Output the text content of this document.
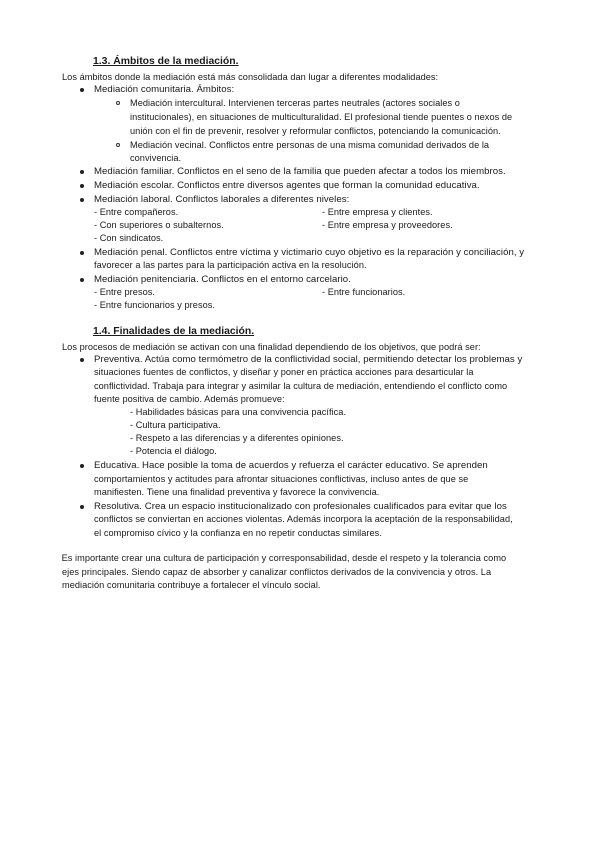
1.3. Ámbitos de la mediación.
Los ámbitos donde la mediación está más consolidada dan lugar a diferentes modalidades:
Mediación comunitaria. Ámbitos:
Mediación intercultural. Intervienen terceras partes neutrales (actores sociales o
institucionales), en situaciones de multiculturalidad. El profesional tiende puentes o nexos de
unión con el fin de prevenir, resolver y reformular conflictos, potenciando la comunicación.
Mediación vecinal. Conflictos entre personas de una misma comunidad derivados de la
convivencia.
Mediación familiar. Conflictos en el seno de la familia que pueden afectar a todos los miembros.
Mediación escolar. Conflictos entre diversos agentes que forman la comunidad educativa.
Mediación laboral. Conflictos laborales a diferentes niveles:
- Entre compañeros.	- Entre empresa y clientes.
- Con superiores o subalternos.	- Entre empresa y proveedores.
- Con sindicatos.
Mediación penal. Conflictos entre víctima y victimario cuyo objetivo es la reparación y conciliación, y
favorecer a las partes para la participación activa en la resolución.
Mediación penitenciaria. Conflictos en el entorno carcelario.
- Entre presos.	- Entre funcionarios.
- Entre funcionarios y presos.
1.4. Finalidades de la mediación.
Los procesos de mediación se activan con una finalidad dependiendo de los objetivos, que podrá ser:
Preventiva. Actúa como termómetro de la conflictividad social, permitiendo detectar los problemas y
situaciones fuentes de conflictos, y diseñar y poner en práctica acciones para desarticular la
conflictividad. Trabaja para integrar y asimilar la cultura de mediación, entendiendo el conflicto como
fuente positiva de cambio. Además promueve:
- Habilidades básicas para una convivencia pacífica.
- Cultura participativa.
- Respeto a las diferencias y a diferentes opiniones.
- Potencia el diálogo.
Educativa. Hace posible la toma de acuerdos y refuerza el carácter educativo. Se aprenden
comportamientos y actitudes para afrontar situaciones conflictivas, incluso antes de que se
manifiesten. Tiene una finalidad preventiva y favorece la convivencia.
Resolutiva. Crea un espacio institucionalizado con profesionales cualificados para evitar que los
conflictos se conviertan en acciones violentas. Además incorpora la aceptación de la responsabilidad,
el compromiso cívico y la confianza en no repetir conductas similares.
Es importante crear una cultura de participación y corresponsabilidad, desde el respeto y la tolerancia como
ejes principales. Siendo capaz de absorber y canalizar conflictos derivados de la convivencia y otros. La
mediación comunitaria contribuye a fortalecer el vínculo social.
